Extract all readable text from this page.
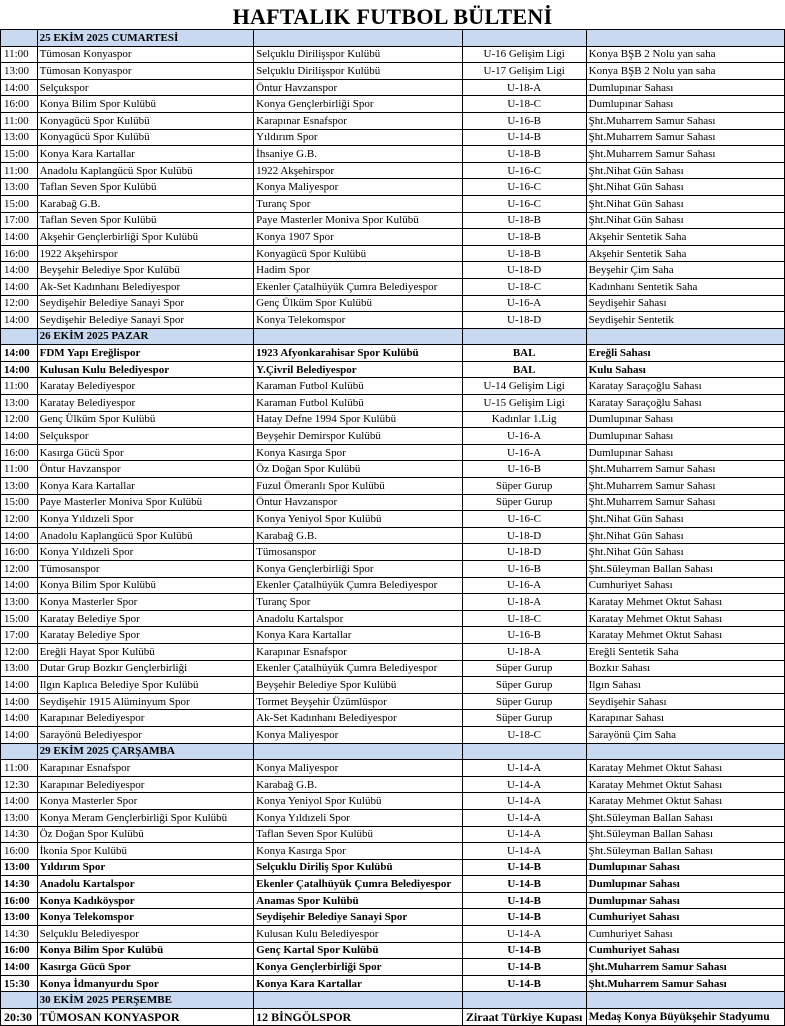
HAFTALIK FUTBOL BÜLTENİ
	25 EKİM 2025 CUMARTESİ			
11:00	Tümosan Konyaspor	Selçuklu Dirilişspor Kulübü	U-16 Gelişim Ligi	Konya BŞB 2 Nolu yan saha
13:00	Tümosan Konyaspor	Selçuklu Dirilişspor Kulübü	U-17 Gelişim Ligi	Konya BŞB 2 Nolu yan saha
14:00	Selçukspor	Öntur Havzanspor	U-18-A	Dumlupınar Sahası
16:00	Konya Bilim Spor Kulübü	Konya Gençlerbirliği Spor	U-18-C	Dumlupınar Sahası
11:00	Konyagücü Spor Kulübü	Karapınar Esnafspor	U-16-B	Şht.Muharrem Samur Sahası
13:00	Konyagücü Spor Kulübü	Yıldırım Spor	U-14-B	Şht.Muharrem Samur Sahası
15:00	Konya Kara Kartallar	İhsaniye G.B.	U-18-B	Şht.Muharrem Samur Sahası
11:00	Anadolu Kaplangücü Spor Kulübü	1922 Akşehirspor	U-16-C	Şht.Nihat Gün Sahası
13:00	Taflan Seven Spor Kulübü	Konya Maliyespor	U-16-C	Şht.Nihat Gün Sahası
15:00	Karabağ G.B.	Turanç Spor	U-16-C	Şht.Nihat Gün Sahası
17:00	Taflan Seven Spor Kulübü	Paye Masterler Moniva Spor Kulübü	U-18-B	Şht.Nihat Gün Sahası
14:00	Akşehir Gençlerbirliği Spor Kulübü	Konya 1907 Spor	U-18-B	Akşehir Sentetik Saha
16:00	1922 Akşehirspor	Konyagücü Spor Kulübü	U-18-B	Akşehir Sentetik Saha
14:00	Beyşehir Belediye Spor Kulübü	Hadim Spor	U-18-D	Beyşehir Çim Saha
14:00	Ak-Set Kadınhanı Belediyespor	Ekenler Çatalhüyük Çumra Belediyespor	U-18-C	Kadınhanı Sentetik Saha
12:00	Seydişehir Belediye Sanayi Spor	Genç Ülküm Spor Kulübü	U-16-A	Seydişehir Sahası
14:00	Seydişehir Belediye Sanayi Spor	Konya Telekomspor	U-18-D	Seydişehir Sentetik
	26 EKİM 2025 PAZAR			
14:00	FDM Yapı Ereğlispor	1923 Afyonkarahisar Spor Kulübü	BAL	Ereğli Sahası
14:00	Kulusan Kulu Belediyespor	Y.Çivril Belediyespor	BAL	Kulu Sahası
11:00	Karatay Belediyespor	Karaman Futbol Kulübü	U-14 Gelişim Ligi	Karatay Saraçoğlu Sahası
13:00	Karatay Belediyespor	Karaman Futbol Kulübü	U-15 Gelişim Ligi	Karatay Saraçoğlu Sahası
12:00	Genç Ülküm Spor Kulübü	Hatay Defne 1994 Spor Kulübü	Kadınlar 1.Lig	Dumlupınar Sahası
14:00	Selçukspor	Beyşehir Demirspor Kulübü	U-16-A	Dumlupınar Sahası
16:00	Kasırga Gücü Spor	Konya Kasırga Spor	U-16-A	Dumlupınar Sahası
11:00	Öntur Havzanspor	Öz Doğan Spor Kulübü	U-16-B	Şht.Muharrem Samur Sahası
13:00	Konya Kara Kartallar	Fuzul Ömeranlı Spor Kulübü	Süper Gurup	Şht.Muharrem Samur Sahası
15:00	Paye Masterler Moniva Spor Kulübü	Öntur Havzanspor	Süper Gurup	Şht.Muharrem Samur Sahası
12:00	Konya Yıldızeli Spor	Konya Yeniyol Spor Kulübü	U-16-C	Şht.Nihat Gün Sahası
14:00	Anadolu Kaplangücü Spor Kulübü	Karabağ G.B.	U-18-D	Şht.Nihat Gün Sahası
16:00	Konya Yıldızeli Spor	Tümosanspor	U-18-D	Şht.Nihat Gün Sahası
12:00	Tümosanspor	Konya Gençlerbirliği Spor	U-16-B	Şht.Süleyman Ballan Sahası
14:00	Konya Bilim Spor Kulübü	Ekenler Çatalhüyük Çumra Belediyespor	U-16-A	Cumhuriyet Sahası
13:00	Konya Masterler Spor	Turanç Spor	U-18-A	Karatay Mehmet Oktut Sahası
15:00	Karatay Belediye Spor	Anadolu Kartalspor	U-18-C	Karatay Mehmet Oktut Sahası
17:00	Karatay Belediye Spor	Konya Kara Kartallar	U-16-B	Karatay Mehmet Oktut Sahası
12:00	Ereğli Hayat Spor Kulübü	Karapınar Esnafspor	U-18-A	Ereğli Sentetik Saha
13:00	Dutar Grup Bozkır Gençlerbirliği	Ekenler Çatalhüyük Çumra Belediyespor	Süper Gurup	Bozkır Sahası
14:00	Ilgın Kaplıca Belediye Spor Kulübü	Beyşehir Belediye Spor Kulübü	Süper Gurup	Ilgın Sahası
14:00	Seydişehir 1915 Alüminyum Spor	Tormet Beyşehir Üzümlüspor	Süper Gurup	Seydişehir Sahası
14:00	Karapınar Belediyespor	Ak-Set Kadınhanı Belediyespor	Süper Gurup	Karapınar Sahası
14:00	Sarayönü Belediyespor	Konya Maliyespor	U-18-C	Sarayönü Çim Saha
	29 EKİM 2025 ÇARŞAMBA			
11:00	Karapınar Esnafspor	Konya Maliyespor	U-14-A	Karatay Mehmet Oktut Sahası
12:30	Karapınar Belediyespor	Karabağ G.B.	U-14-A	Karatay Mehmet Oktut Sahası
14:00	Konya Masterler Spor	Konya Yeniyol Spor Kulübü	U-14-A	Karatay Mehmet Oktut Sahası
13:00	Konya Meram Gençlerbirliği Spor Kulübü	Konya Yıldızeli Spor	U-14-A	Şht.Süleyman Ballan Sahası
14:30	Öz Doğan Spor Kulübü	Taflan Seven Spor Kulübü	U-14-A	Şht.Süleyman Ballan Sahası
16:00	İkonia Spor Kulübü	Konya Kasırga Spor	U-14-A	Şht.Süleyman Ballan Sahası
13:00	Yıldırım Spor	Selçuklu Diriliş Spor Kulübü	U-14-B	Dumlupınar Sahası
14:30	Anadolu Kartalspor	Ekenler Çatalhüyük Çumra Belediyespor	U-14-B	Dumlupınar Sahası
16:00	Konya Kadıköyspor	Anamas Spor Kulübü	U-14-B	Dumlupınar Sahası
13:00	Konya Telekomspor	Seydişehir Belediye Sanayi Spor	U-14-B	Cumhuriyet Sahası
14:30	Selçuklu Belediyespor	Kulusan Kulu Belediyespor	U-14-A	Cumhuriyet Sahası
16:00	Konya Bilim Spor Kulübü	Genç Kartal Spor Kulübü	U-14-B	Cumhuriyet Sahası
14:00	Kasırga Gücü Spor	Konya Gençlerbirliği Spor	U-14-B	Şht.Muharrem Samur Sahası
15:30	Konya İdmanyurdu Spor	Konya Kara Kartallar	U-14-B	Şht.Muharrem Samur Sahası
	30 EKİM 2025 PERŞEMBE			
20:30	TÜMOSAN KONYASPOR	12 BİNGÖLSPOR	Ziraat Türkiye Kupası	Medaş Konya Büyükşehir Stadyumu
